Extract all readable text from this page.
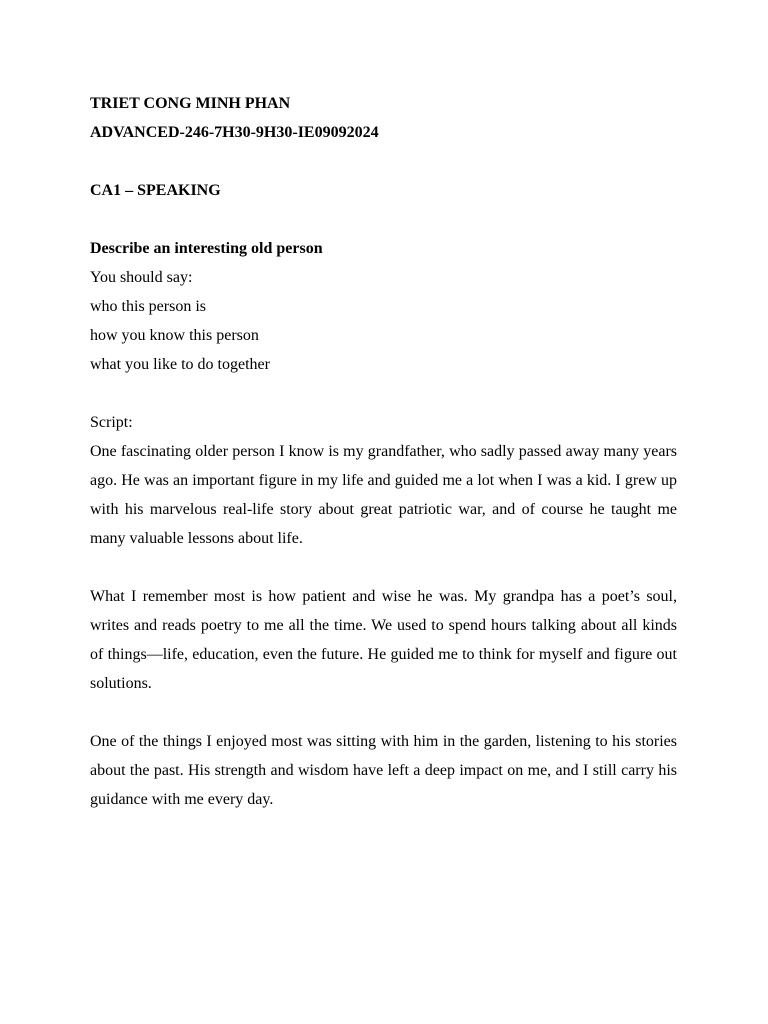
TRIET CONG MINH PHAN
ADVANCED-246-7H30-9H30-IE09092024
CA1 – SPEAKING
Describe an interesting old person
You should say:
who this person is
how you know this person
what you like to do together
Script:

One fascinating older person I know is my grandfather, who sadly passed away many years ago. He was an important figure in my life and guided me a lot when I was a kid. I grew up with his marvelous real-life story about great patriotic war, and of course he taught me many valuable lessons about life.

What I remember most is how patient and wise he was. My grandpa has a poet’s soul, writes and reads poetry to me all the time. We used to spend hours talking about all kinds of things—life, education, even the future. He guided me to think for myself and figure out solutions.

One of the things I enjoyed most was sitting with him in the garden, listening to his stories about the past. His strength and wisdom have left a deep impact on me, and I still carry his guidance with me every day.
